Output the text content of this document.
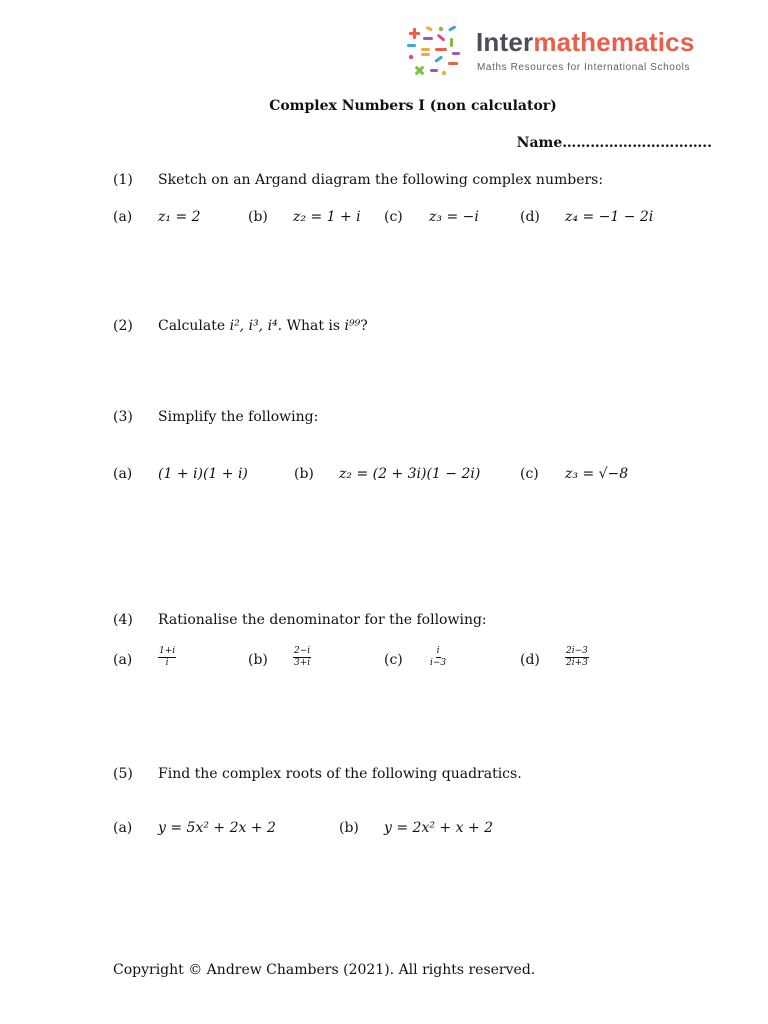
Intermathematics
Maths Resources for International Schools
Complex Numbers I (non calculator)
Name…………………………..
(1) Sketch on an Argand diagram the following complex numbers:
(a) z₁ = 2	(b) z₂ = 1 + i (c) z₃ = −i	(d) z₄ = −1 − 2i
(2) Calculate i², i³, i⁴. What is i⁹⁹?
(3) Simplify the following:
(a) (1 + i)(1 + i)	(b) z₂ = (2 + 3i)(1 − 2i)	(c) z₃ = √−8
(4) Rationalise the denominator for the following:
(a)	$\frac{1+i}{i}$	(b)	$\frac{2-i}{3+i}$	(c)	$\frac{i}{i-3}$	(d)	$\frac{2i-3}{2i+3}$
(5) Find the complex roots of the following quadratics.
(a) y = 5x² + 2x + 2	(b) y = 2x² + x + 2
Copyright © Andrew Chambers (2021). All rights reserved.
